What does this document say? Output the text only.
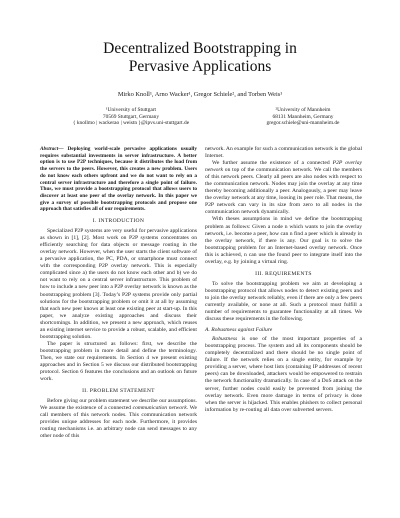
Decentralized Bootstrapping in
Pervasive Applications
Mirko Knoll¹, Arno Wacker¹, Gregor Schiele², and Torben Weis¹
¹University of Stuttgart
70569 Stuttgart, Germany
{ knollmo | wackerao | weistn }@ipvs.uni-stuttgart.de
²University of Mannheim
68131 Mannheim, Germany
gregor.schiele@uni-mannheim.de

Abstract— Deploying world-scale pervasive applications usually requires substantial investments in server infrastructure. A better option is to use P2P techniques, because it distributes the load from the servers to the peers. However, this creates a new problem. Users do not know each others upfront and we do not want to rely on a central server infrastructure and therefore a single point of failure. Thus, we must provide a bootstrapping protocol that allows users to discover at least one peer of the overlay network. In this paper we give a survey of possible bootstrapping protocols and propose one approach that satisfies all of our requirements.

I. INTRODUCTION

Specialized P2P systems are very useful for pervasive applications as shown in [1], [2]. Most work on P2P systems concentrates on efficiently searching for data objects or message routing in the overlay network. However, when the user starts the client software of a pervasive application, the PC, PDA, or smartphone must connect with the corresponding P2P overlay network. This is especially complicated since a) the users do not know each other and b) we do not want to rely on a central server infrastructure. This problem of how to include a new peer into a P2P overlay network is known as the bootstrapping problem [3]. Today’s P2P systems provide only partial solutions for the bootstrapping problem or omit it at all by assuming that each new peer knows at least one existing peer at start-up. In this paper, we analyze existing approaches and discuss their shortcomings. In addition, we present a new approach, which reuses an existing internet service to provide a robust, scalable, and efficient bootstrapping solution.

The paper is structured as follows: first, we describe the bootstrapping problem in more detail and define the terminology. Then, we state our requirements. In Section 4 we present existing approaches and in Section 5 we discuss our distributed bootstrapping protocol. Section 6 features the conclusions and an outlook on future work.

II. PROBLEM STATEMENT

Before giving our problem statement we describe our assumptions. We assume the existence of a connected communication network. We call members of this network nodes. This communication network provides unique addresses for each node. Furthermore, it provides routing mechanisms i.e. an arbitrary node can send messages to any other node of this

network. An example for such a communication network is the global Internet.

We further assume the existence of a connected P2P overlay network on top of the communication network. We call the members of this network peers. Clearly all peers are also nodes with respect to the communication network. Nodes may join the overlay at any time thereby becoming additionally a peer. Analogously, a peer may leave the overlay network at any time, loosing its peer role. That means, the P2P network can vary in its size from zero to all nodes in the communication network dynamically.

With theses assumptions in mind we define the bootstrapping problem as follows: Given a node n which wants to join the overlay network, i.e. become a peer, how can n find a peer which is already in the overlay network, if there is any. Our goal is to solve the bootstrapping problem for an Internet-based overlay network. Once this is achieved, n can use the found peer to integrate itself into the overlay, e.g. by joining a virtual ring.

III. REQUIREMENTS

To solve the bootstrapping problem we aim at developing a bootstrapping protocol that allows nodes to detect existing peers and to join the overlay network reliably, even if there are only a few peers currently available, or none at all. Such a protocol must fulfill a number of requirements to guarantee functionality at all times. We discuss these requirements in the following.

A. Robustness against Failure

Robustness is one of the most important properties of a bootstrapping process. The system and all its components should be completely decentralized and there should be no single point of failure. If the network relies on a single entity, for example by providing a server, where host lists (containing IP addresses of recent peers) can be downloaded, attackers would be empowered to restrain the network functionality dramatically. In case of a DoS attack on the server, further nodes could easily be prevented from joining the overlay network. Even more damage in terms of privacy is done when the server is hijacked. This enables phishers to collect personal information by re-routing all data over subverted servers.
